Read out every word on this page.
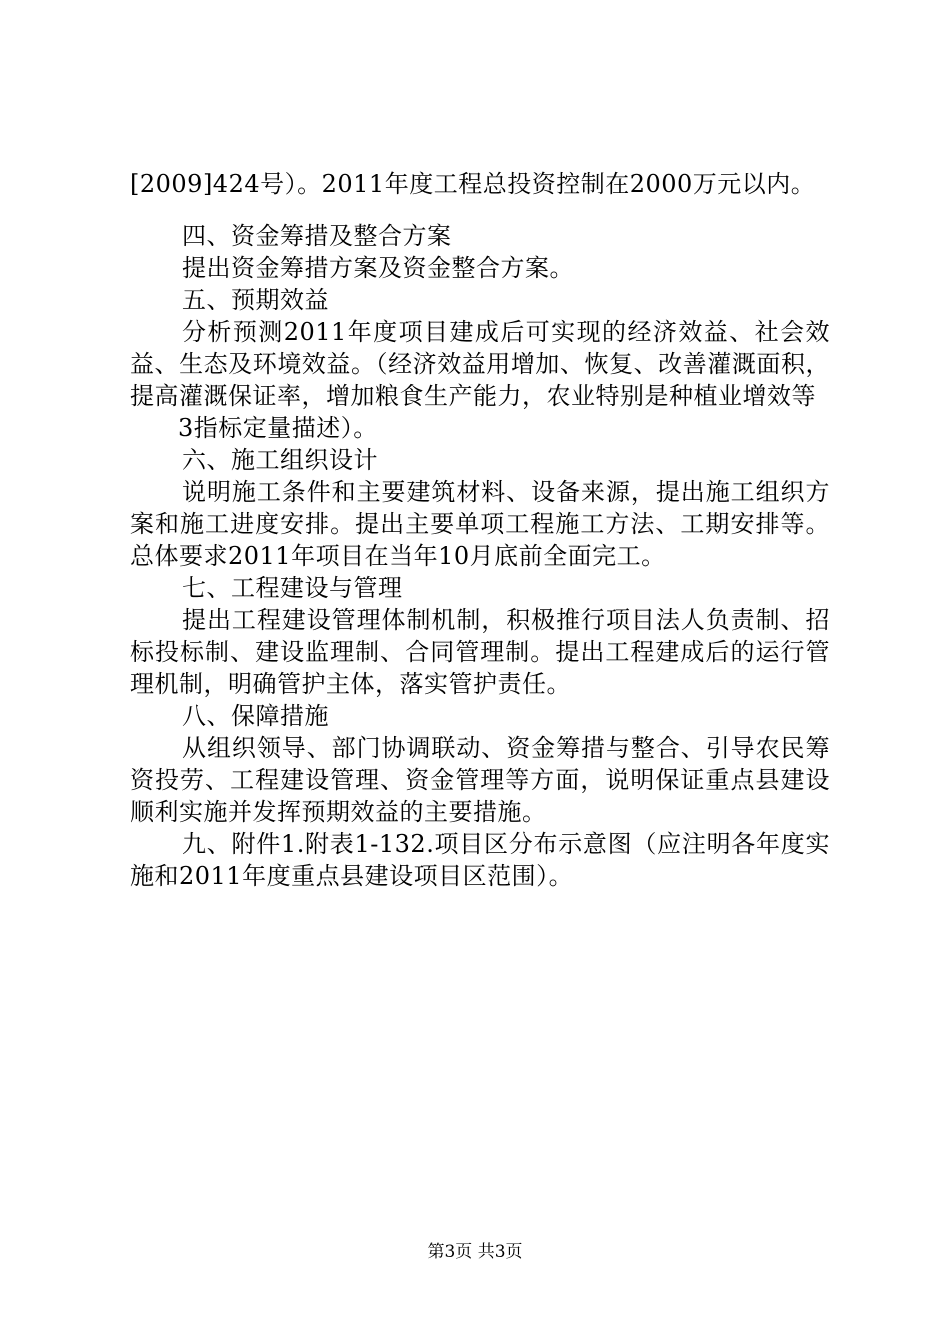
[2009]424号）。2011年度工程总投资控制在2000万元以内。

四、资金筹措及整合方案

提出资金筹措方案及资金整合方案。

五、预期效益

分析预测2011年度项目建成后可实现的经济效益、社会效益、生态及环境效益。（经济效益用增加、恢复、改善灌溉面积，提高灌溉保证率，增加粮食生产能力，农业特别是种植业增效等

3指标定量描述）。

六、施工组织设计

说明施工条件和主要建筑材料、设备来源，提出施工组织方案和施工进度安排。提出主要单项工程施工方法、工期安排等。总体要求2011年项目在当年10月底前全面完工。

七、工程建设与管理

提出工程建设管理体制机制，积极推行项目法人负责制、招标投标制、建设监理制、合同管理制。提出工程建成后的运行管理机制，明确管护主体，落实管护责任。

八、保障措施

从组织领导、部门协调联动、资金筹措与整合、引导农民筹资投劳、工程建设管理、资金管理等方面，说明保证重点县建设顺利实施并发挥预期效益的主要措施。

九、附件1.附表1-132.项目区分布示意图（应注明各年度实施和2011年度重点县建设项目区范围）。

第3页 共3页
